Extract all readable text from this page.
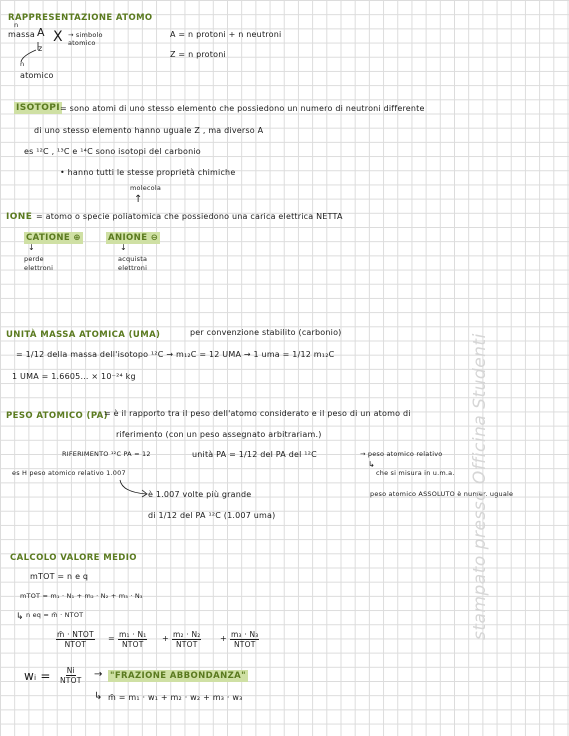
RAPPRESENTAZIONE ATOMO
n
massa A X → simbolo atomico
z
n
atomico
A = n protoni + n neutroni
Z = n protoni
ISOTOPI = sono atomi di uno stesso elemento che possiedono un numero di neutroni differente
di uno stesso elemento hanno uguale Z , ma diverso A
es ¹²C , ¹³C e ¹⁴C sono isotopi del carbonio
• hanno tutti le stesse proprietà chimiche
molecola
↑
IONE = atomo o specie poliatomica che possiedono una carica elettrica NETTA
CATIONE ⊕	ANIONE ⊖
↓	↓
perde elettroni
acquista elettroni
UNITÀ MASSA ATOMICA (UMA)	per convenzione stabilito (carbonio)
= 1/12 della massa dell'isotopo ¹²C → m₁₂C = 12 UMA → 1 uma = 1/12 m₁₂C
1 UMA = 1.6605... × 10⁻²⁴ kg
PESO ATOMICO (PA)
= è il rapporto tra il peso dell'atomo considerato e il peso di un atomo di
riferimento (con un peso assegnato arbitrariam.)
RIFERIMENTO ¹²C PA = 12	unità PA = 1/12 del PA del ¹²C	→ peso atomico relativo
↳
che si misura in u.m.a.
es H peso atomico relativo 1.007
è 1.007 volte più grande	peso atomico ASSOLUTO è numer. uguale
di 1/12 del PA ¹²C (1.007 uma)
CALCOLO VALORE MEDIO
mTOT = n e q
mTOT = m₁ · N₁ + m₂ · N₂ + m₃ · N₃
↳ n eq = m̄ · NTOT
m̄ · NTOT
NTOT
= m₁ · N₁
NTOT
+ m₂ · N₂
NTOT
+ m₃ · N₃
NTOT
wᵢ = Ni
NTOT
→ "FRAZIONE ABBONDANZA"
↳ m̄ = m₁ · w₁ + m₂ · w₂ + m₃ · w₃
stampato presso Officina Studenti
